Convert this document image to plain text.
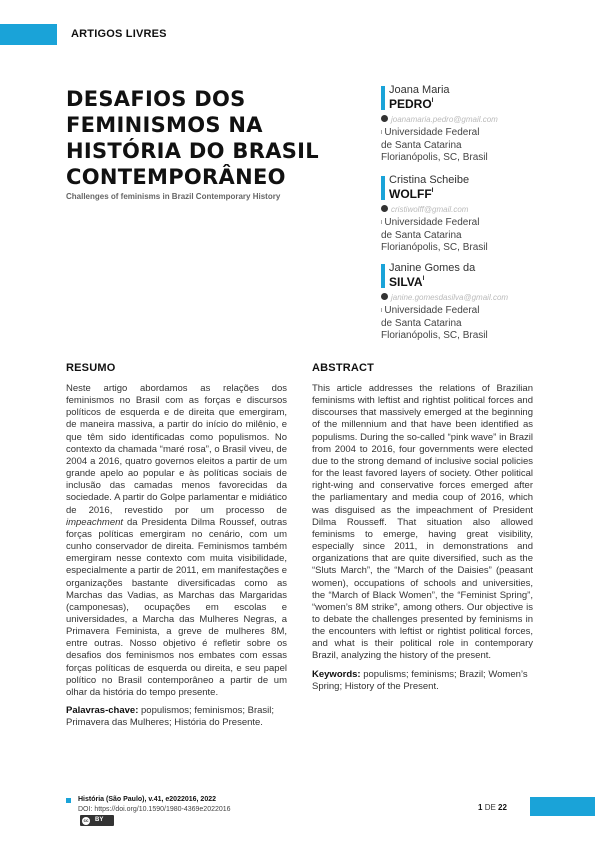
ARTIGOS LIVRES
DESAFIOS DOS FEMINISMOS NA HISTÓRIA DO BRASIL CONTEMPORÂNEO
Challenges of feminisms in Brazil Contemporary History
Joana Maria
$PEDRO^I$
joanamaria.pedro@gmail.com
$^I$ Universidade Federal
de Santa Catarina
Florianópolis, SC, Brasil
Cristina Scheibe
$WOLFF^I$
cristiwolff@gmail.com
$^I$ Universidade Federal
de Santa Catarina
Florianópolis, SC, Brasil
Janine Gomes da
$SILVA^I$
janine.gomesdasilva@gmail.com
$^I$ Universidade Federal
de Santa Catarina
Florianópolis, SC, Brasil
RESUMO
Neste artigo abordamos as relações dos feminismos no Brasil com as forças e discursos políticos de esquerda e de direita que emergiram, de maneira massiva, a partir do início do milênio, e que têm sido identificadas como populismos. No contexto da chamada “maré rosa”, o Brasil viveu, de 2004 a 2016, quatro governos eleitos a partir de um grande apelo ao popular e às políticas sociais de inclusão das camadas menos favorecidas da sociedade. A partir do Golpe parlamentar e midiático de 2016, revestido por um processo de impeachment da Presidenta Dilma Roussef, outras forças políticas emergiram no cenário, com um cunho conservador de direita. Feminismos também emergiram nesse contexto com muita visibilidade, especialmente a partir de 2011, em manifestações e organizações bastante diversificadas como as Marchas das Vadias, as Marchas das Margaridas (camponesas), ocupações em escolas e universidades, a Marcha das Mulheres Negras, a Primavera Feminista, a greve de mulheres 8M, entre outras. Nosso objetivo é refletir sobre os desafios dos feminismos nos embates com essas forças políticas de esquerda ou direita, e seu papel político no Brasil contemporâneo a partir de um olhar da história do tempo presente.
Palavras-chave: populismos; feminismos; Brasil; Primavera das Mulheres; História do Presente.
ABSTRACT
This article addresses the relations of Brazilian feminisms with leftist and rightist political forces and discourses that massively emerged at the beginning of the millennium and that have been identified as populisms. During the so-called “pink wave” in Brazil from 2004 to 2016, four governments were elected due to the strong demand of inclusive social policies for the least favored layers of society. Other political right-wing and conservative forces emerged after the parliamentary and media coup of 2016, which was disguised as the impeachment of President Dilma Rousseff. That situation also allowed feminisms to emerge, having great visibility, especially since 2011, in demonstrations and organizations that are quite diversified, such as the “Sluts March”, the “March of the Daisies” (peasant women), occupations of schools and universities, the “March of Black Women”, the “Feminist Spring”, “women’s 8M strike”, among others. Our objective is to debate the challenges presented by feminisms in the encounters with leftist or rightist political forces, and what is their political role in contemporary Brazil, analyzing the history of the present.
Keywords: populisms; feminisms; Brazil; Women’s Spring; History of the Present.
História (São Paulo), v.41, e2022016, 2022
DOI: https://doi.org/10.1590/1980-4369e2022016
cc BY
1 DE 22
